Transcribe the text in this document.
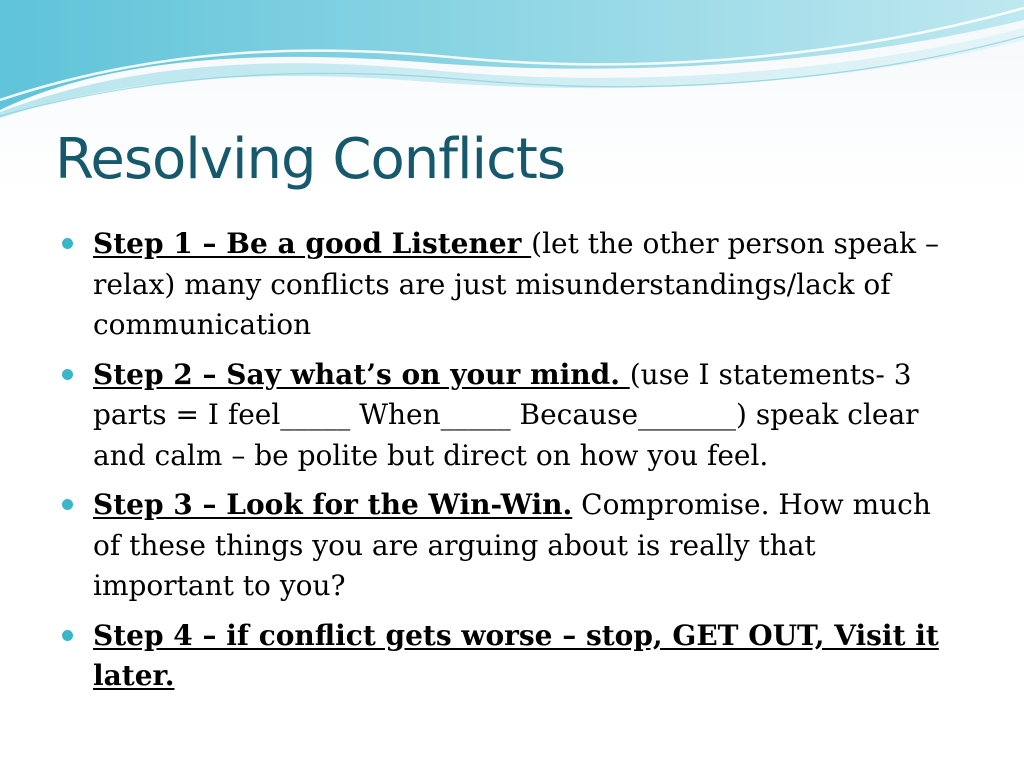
Resolving Conflicts
Step 1 – Be a good Listener (let the other person speak – relax) many conflicts are just misunderstandings/lack of communication
Step 2 – Say what’s on your mind. (use I statements- 3 parts = I feel_____ When_____ Because_______) speak clear and calm – be polite but direct on how you feel.
Step 3 – Look for the Win-Win. Compromise. How much of these things you are arguing about is really that important to you?
Step 4 – if conflict gets worse – stop, GET OUT, Visit it later.
